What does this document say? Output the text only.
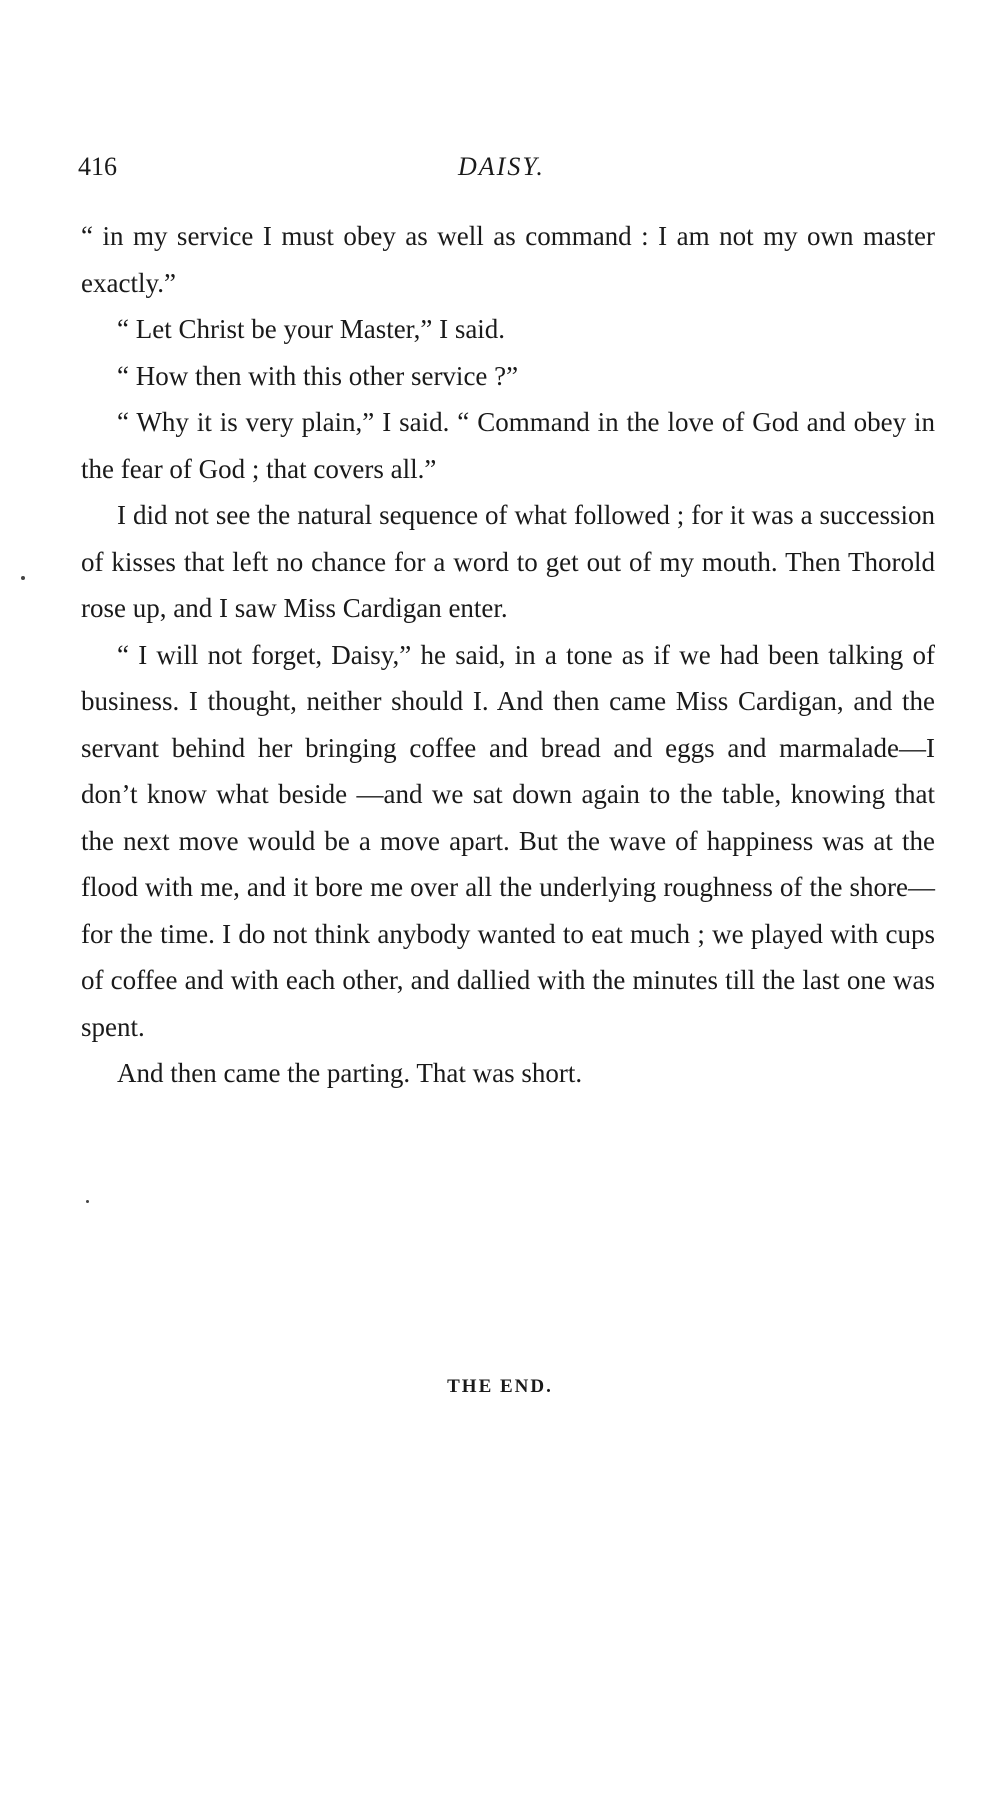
416	DAISY.

“ in my service I must obey as well as command : I am not my own master exactly.”

“ Let Christ be your Master,” I said.

“ How then with this other service ?”

“ Why it is very plain,” I said. “ Command in the love of God and obey in the fear of God ; that covers all.”

I did not see the natural sequence of what followed ; for it was a succession of kisses that left no chance for a word to get out of my mouth. Then Thorold rose up, and I saw Miss Cardigan enter.

“ I will not forget, Daisy,” he said, in a tone as if we had been talking of business. I thought, neither should I. And then came Miss Cardigan, and the servant behind her bringing coffee and bread and eggs and marmalade—I don’t know what beside —and we sat down again to the table, knowing that the next move would be a move apart. But the wave of happiness was at the flood with me, and it bore me over all the underlying roughness of the shore—for the time. I do not think anybody wanted to eat much ; we played with cups of coffee and with each other, and dallied with the minutes till the last one was spent.

And then came the parting. That was short.

THE END.
